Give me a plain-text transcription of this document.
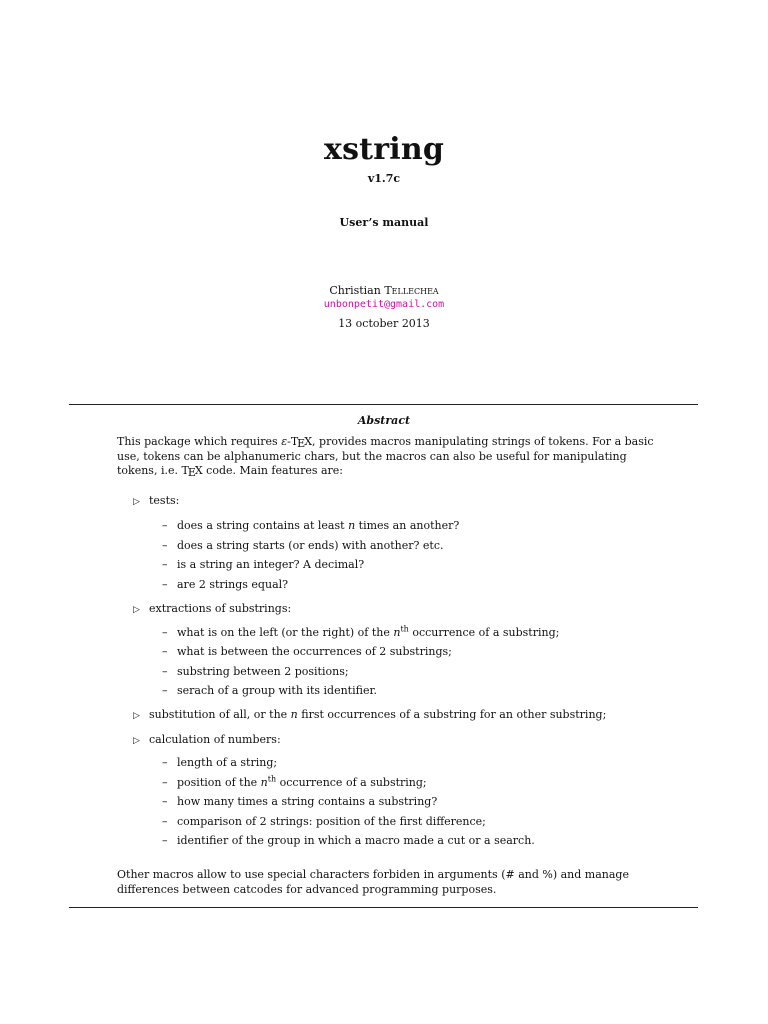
xstring
v1.7c
User’s manual
Christian Tellechea
unbonpetit@gmail.com
13 october 2013
Abstract

This package which requires ε-TEX, provides macros manipulating strings of tokens. For a basic use, tokens can be alphanumeric chars, but the macros can also be useful for manipulating tokens, i.e. TEX code. Main features are:

▷ tests:
– does a string contains at least n times an another?
– does a string starts (or ends) with another? etc.
– is a string an integer? A decimal?
– are 2 strings equal?
▷ extractions of substrings:
– what is on the left (or the right) of the $n^{th}$ occurrence of a substring;
– what is between the occurrences of 2 substrings;
– substring between 2 positions;
– serach of a group with its identifier.
▷ substitution of all, or the n first occurrences of a substring for an other substring;
▷ calculation of numbers:
– length of a string;
– position of the $n^{th}$ occurrence of a substring;
– how many times a string contains a substring?
– comparison of 2 strings: position of the first difference;
– identifier of the group in which a macro made a cut or a search.

Other macros allow to use special characters forbiden in arguments (# and %) and manage differences between catcodes for advanced programming purposes.
